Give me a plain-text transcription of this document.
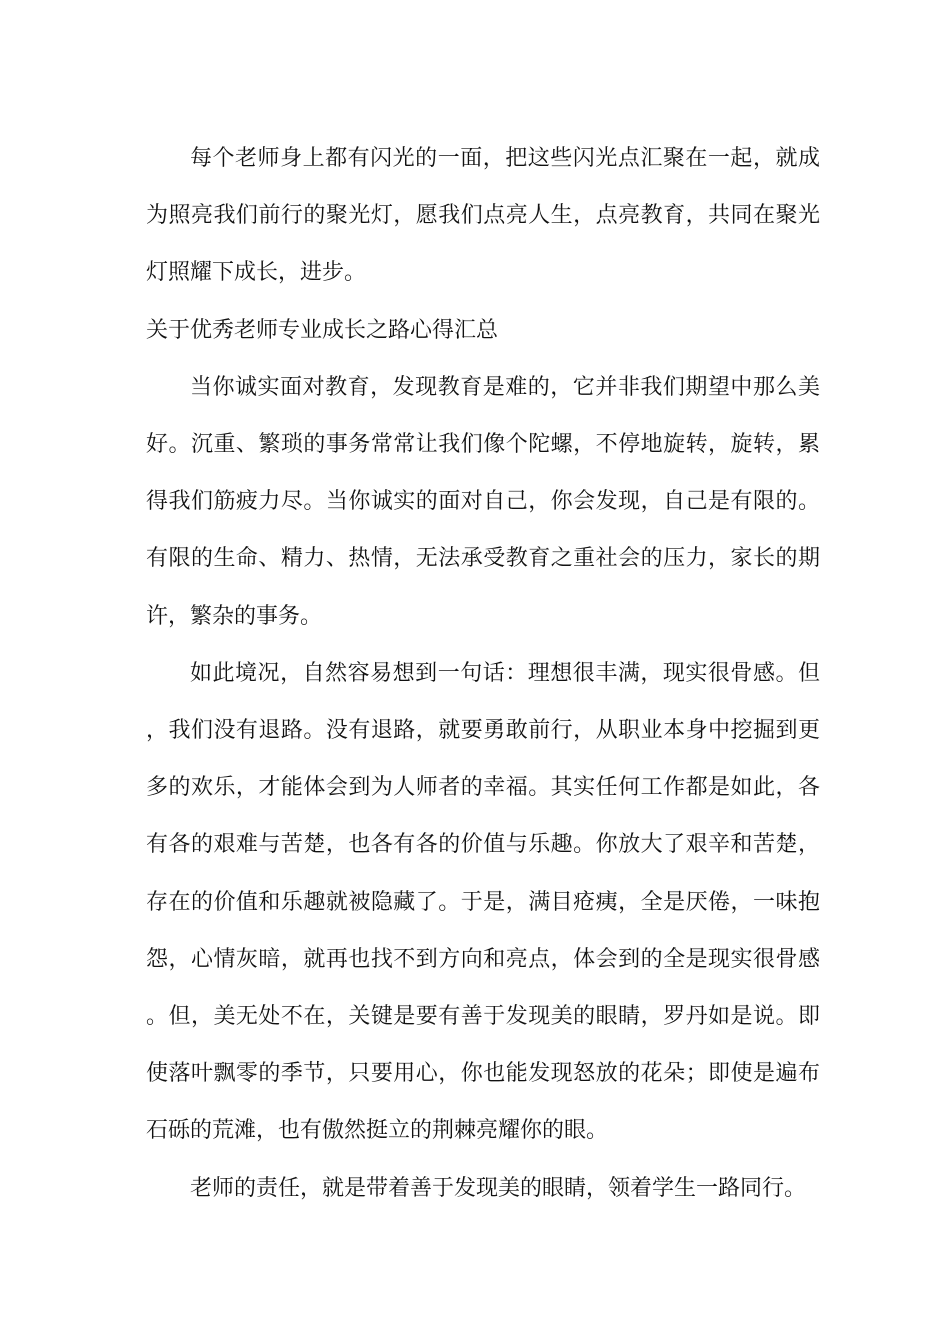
每个老师身上都有闪光的一面，把这些闪光点汇聚在一起，就成为照亮我们前行的聚光灯，愿我们点亮人生，点亮教育，共同在聚光灯照耀下成长，进步。

关于优秀老师专业成长之路心得汇总

当你诚实面对教育，发现教育是难的，它并非我们期望中那么美好。沉重、繁琐的事务常常让我们像个陀螺，不停地旋转，旋转，累得我们筋疲力尽。当你诚实的面对自己，你会发现，自己是有限的。有限的生命、精力、热情，无法承受教育之重社会的压力，家长的期许，繁杂的事务。

如此境况，自然容易想到一句话：理想很丰满，现实很骨感。但，我们没有退路。没有退路，就要勇敢前行，从职业本身中挖掘到更多的欢乐，才能体会到为人师者的幸福。其实任何工作都是如此，各有各的艰难与苦楚，也各有各的价值与乐趣。你放大了艰辛和苦楚，存在的价值和乐趣就被隐藏了。于是，满目疮痍，全是厌倦，一味抱怨，心情灰暗，就再也找不到方向和亮点，体会到的全是现实很骨感。但，美无处不在，关键是要有善于发现美的眼睛，罗丹如是说。即使落叶飘零的季节，只要用心，你也能发现怒放的花朵；即使是遍布石砾的荒滩，也有傲然挺立的荆棘亮耀你的眼。

老师的责任，就是带着善于发现美的眼睛，领着学生一路同行。
